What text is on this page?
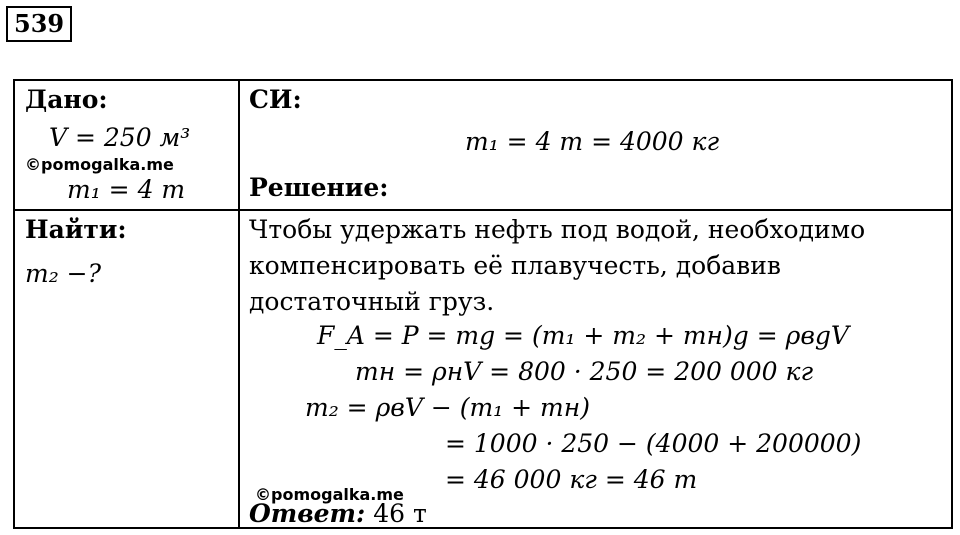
539
Дано:
V = 250 м³
©pomogalka.me
m₁ = 4 т
Найти:
m₂ −?
СИ:
m₁ = 4 т = 4000 кг
Решение:
Чтобы удержать нефть под водой, необходимо
компенсировать её плавучесть, добавив
достаточный груз.
F_A = P = mg = (m₁ + m₂ + mн)g = ρвgV
mн = ρнV = 800 · 250 = 200 000 кг
m₂ = ρвV − (m₁ + mн)
= 1000 · 250 − (4000 + 200000)
= 46 000 кг = 46 т
©pomogalka.me
Ответ: 46 т
